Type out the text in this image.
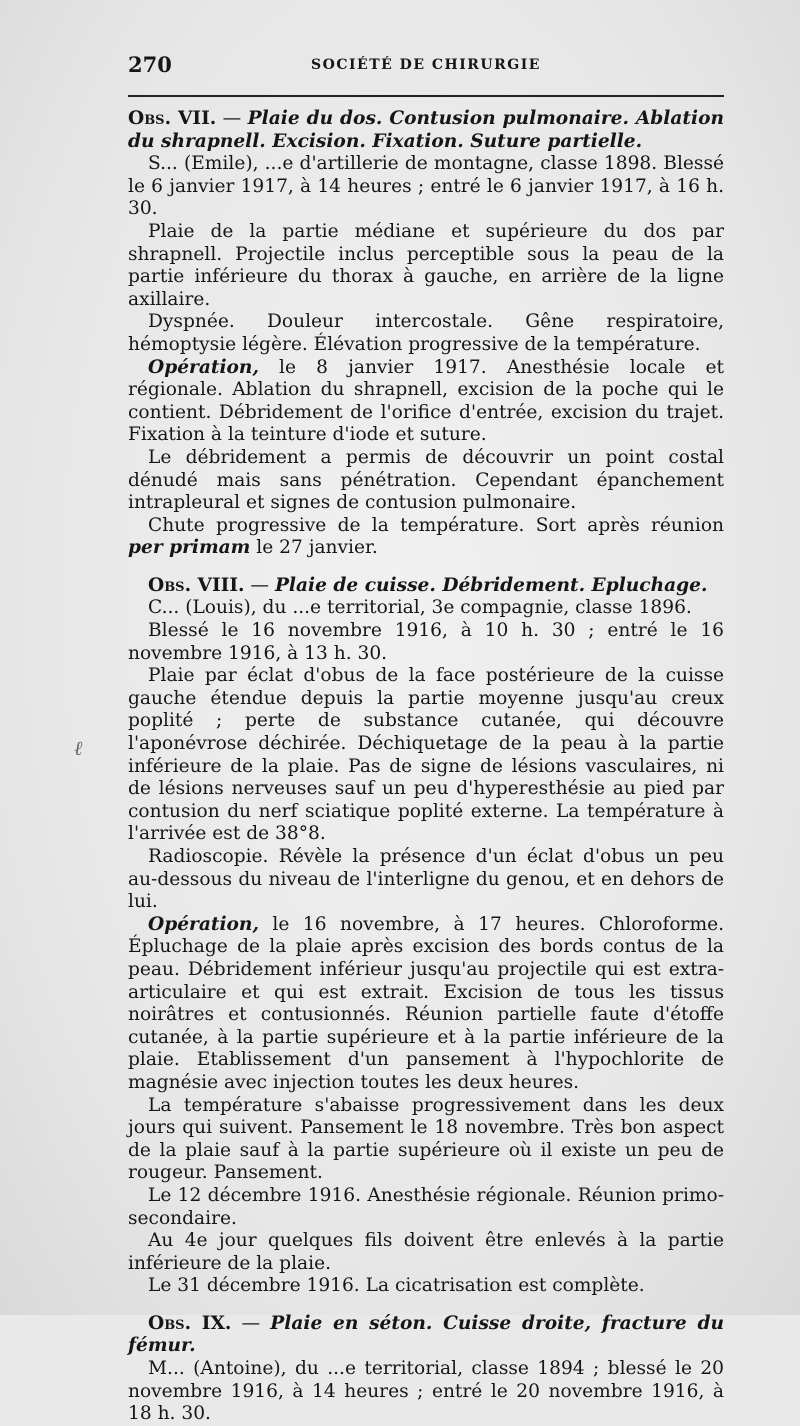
270	SOCIÉTÉ DE CHIRURGIE
ℓ

Obs. VII. — Plaie du dos. Contusion pulmonaire. Ablation du shrapnell. Excision. Fixation. Suture partielle.

S... (Emile), ...e d'artillerie de montagne, classe 1898. Blessé le 6 janvier 1917, à 14 heures ; entré le 6 janvier 1917, à 16 h. 30.

Plaie de la partie médiane et supérieure du dos par shrapnell. Projectile inclus perceptible sous la peau de la partie inférieure du thorax à gauche, en arrière de la ligne axillaire.

Dyspnée. Douleur intercostale. Gêne respiratoire, hémoptysie légère. Élévation progressive de la température.

Opération, le 8 janvier 1917. Anesthésie locale et régionale. Ablation du shrapnell, excision de la poche qui le contient. Débridement de l'orifice d'entrée, excision du trajet. Fixation à la teinture d'iode et suture.

Le débridement a permis de découvrir un point costal dénudé mais sans pénétration. Cependant épanchement intrapleural et signes de contusion pulmonaire.

Chute progressive de la température. Sort après réunion per primam le 27 janvier.

Obs. VIII. — Plaie de cuisse. Débridement. Epluchage.

C... (Louis), du ...e territorial, 3e compagnie, classe 1896.

Blessé le 16 novembre 1916, à 10 h. 30 ; entré le 16 novembre 1916, à 13 h. 30.

Plaie par éclat d'obus de la face postérieure de la cuisse gauche étendue depuis la partie moyenne jusqu'au creux poplité ; perte de substance cutanée, qui découvre l'aponévrose déchirée. Déchiquetage de la peau à la partie inférieure de la plaie. Pas de signe de lésions vasculaires, ni de lésions nerveuses sauf un peu d'hyperesthésie au pied par contusion du nerf sciatique poplité externe. La température à l'arrivée est de 38°8.

Radioscopie. Révèle la présence d'un éclat d'obus un peu au-dessous du niveau de l'interligne du genou, et en dehors de lui.

Opération, le 16 novembre, à 17 heures. Chloroforme. Épluchage de la plaie après excision des bords contus de la peau. Débridement inférieur jusqu'au projectile qui est extra-articulaire et qui est extrait. Excision de tous les tissus noirâtres et contusionnés. Réunion partielle faute d'étoffe cutanée, à la partie supérieure et à la partie inférieure de la plaie. Etablissement d'un pansement à l'hypochlorite de magnésie avec injection toutes les deux heures.

La température s'abaisse progressivement dans les deux jours qui suivent. Pansement le 18 novembre. Très bon aspect de la plaie sauf à la partie supérieure où il existe un peu de rougeur. Pansement.

Le 12 décembre 1916. Anesthésie régionale. Réunion primo-secondaire.

Au 4e jour quelques fils doivent être enlevés à la partie inférieure de la plaie.

Le 31 décembre 1916. La cicatrisation est complète.

Obs. IX. — Plaie en séton. Cuisse droite, fracture du fémur.

M... (Antoine), du ...e territorial, classe 1894 ; blessé le 20 novembre 1916, à 14 heures ; entré le 20 novembre 1916, à 18 h. 30.
